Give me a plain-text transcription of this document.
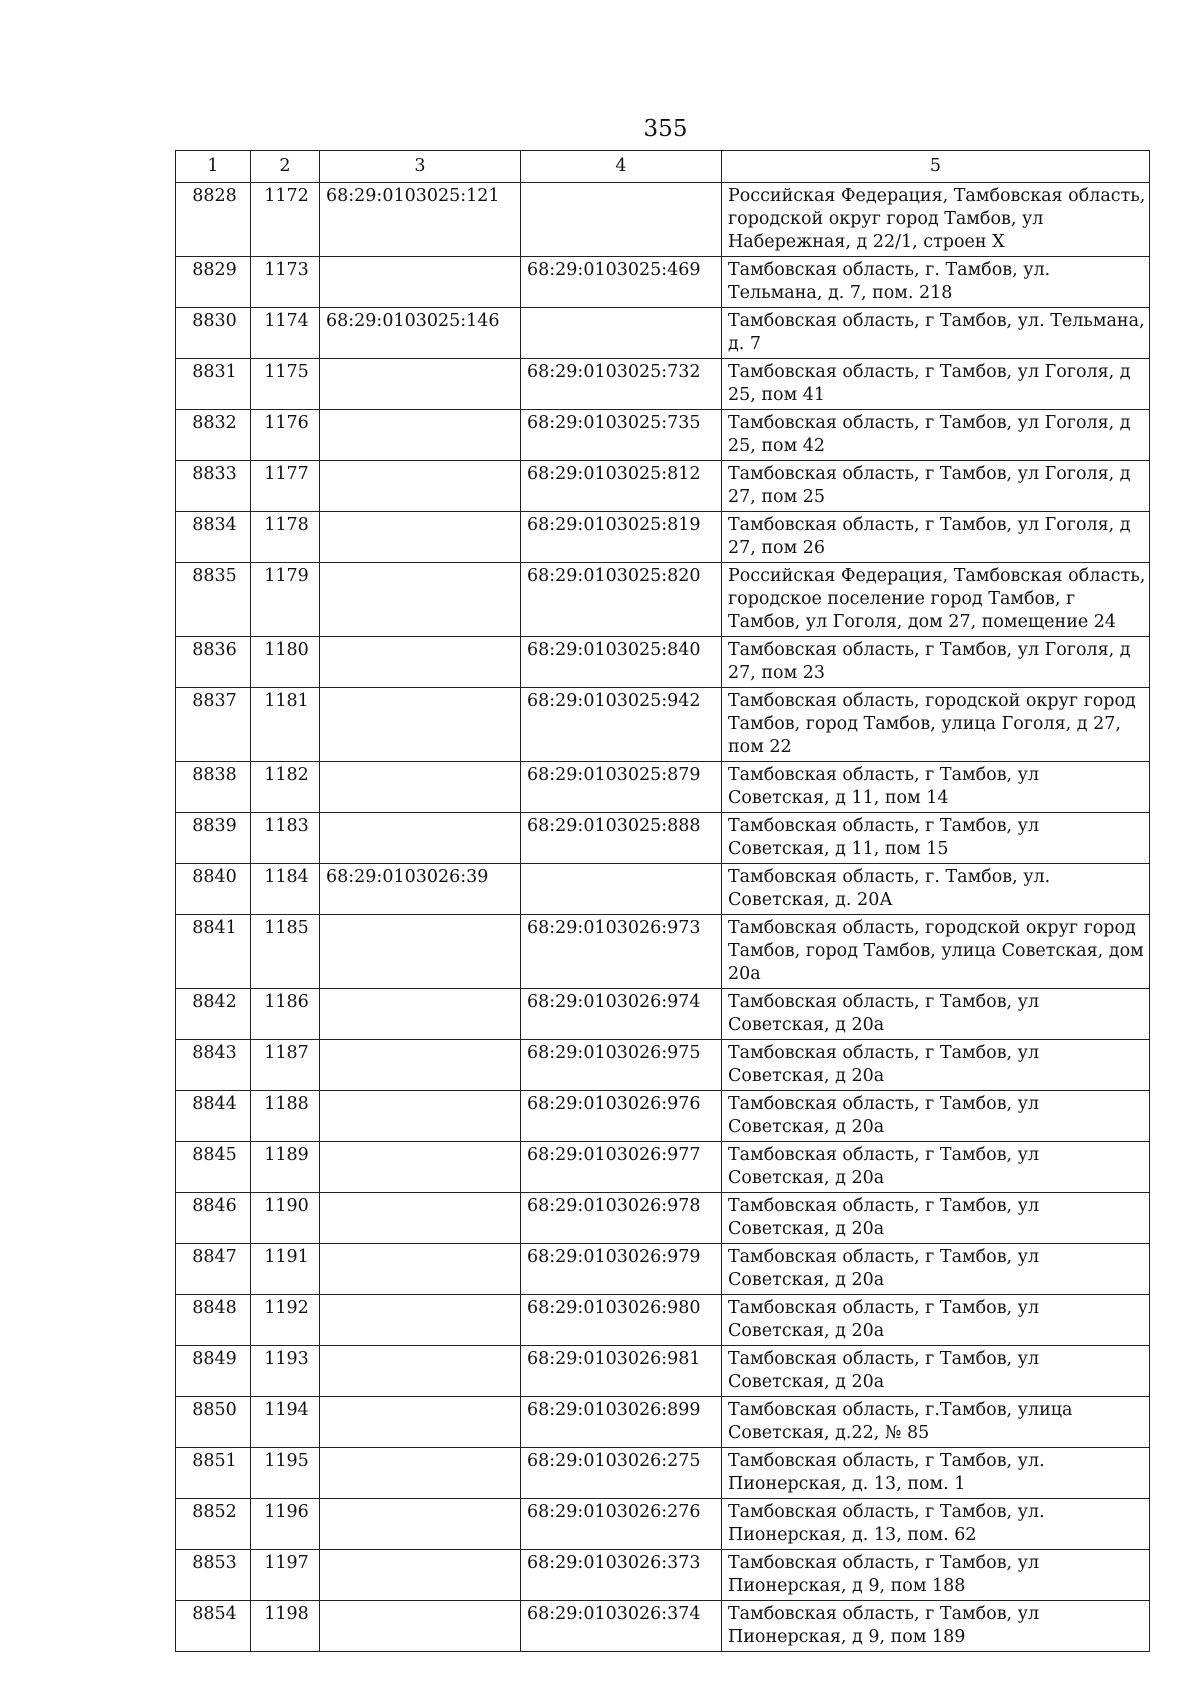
355
1	2	3	4	5
8828	1172	68:29:0103025:121		Российская Федерация, Тамбовская область, городской округ город Тамбов, ул Набережная, д 22/1, строен Х
8829	1173		68:29:0103025:469	Тамбовская область, г. Тамбов, ул. Тельмана, д. 7, пом. 218
8830	1174	68:29:0103025:146		Тамбовская область, г Тамбов, ул. Тельмана, д. 7
8831	1175		68:29:0103025:732	Тамбовская область, г Тамбов, ул Гоголя, д 25, пом 41
8832	1176		68:29:0103025:735	Тамбовская область, г Тамбов, ул Гоголя, д 25, пом 42
8833	1177		68:29:0103025:812	Тамбовская область, г Тамбов, ул Гоголя, д 27, пом 25
8834	1178		68:29:0103025:819	Тамбовская область, г Тамбов, ул Гоголя, д 27, пом 26
8835	1179		68:29:0103025:820	Российская Федерация, Тамбовская область, городское поселение город Тамбов, г Тамбов, ул Гоголя, дом 27, помещение 24
8836	1180		68:29:0103025:840	Тамбовская область, г Тамбов, ул Гоголя, д 27, пом 23
8837	1181		68:29:0103025:942	Тамбовская область, городской округ город Тамбов, город Тамбов, улица Гоголя, д 27, пом 22
8838	1182		68:29:0103025:879	Тамбовская область, г Тамбов, ул Советская, д 11, пом 14
8839	1183		68:29:0103025:888	Тамбовская область, г Тамбов, ул Советская, д 11, пом 15
8840	1184	68:29:0103026:39		Тамбовская область, г. Тамбов, ул. Советская, д. 20А
8841	1185		68:29:0103026:973	Тамбовская область, городской округ город Тамбов, город Тамбов, улица Советская, дом 20а
8842	1186		68:29:0103026:974	Тамбовская область, г Тамбов, ул Советская, д 20а
8843	1187		68:29:0103026:975	Тамбовская область, г Тамбов, ул Советская, д 20а
8844	1188		68:29:0103026:976	Тамбовская область, г Тамбов, ул Советская, д 20а
8845	1189		68:29:0103026:977	Тамбовская область, г Тамбов, ул Советская, д 20а
8846	1190		68:29:0103026:978	Тамбовская область, г Тамбов, ул Советская, д 20а
8847	1191		68:29:0103026:979	Тамбовская область, г Тамбов, ул Советская, д 20а
8848	1192		68:29:0103026:980	Тамбовская область, г Тамбов, ул Советская, д 20а
8849	1193		68:29:0103026:981	Тамбовская область, г Тамбов, ул Советская, д 20а
8850	1194		68:29:0103026:899	Тамбовская область, г.Тамбов, улица Советская, д.22, № 85
8851	1195		68:29:0103026:275	Тамбовская область, г Тамбов, ул. Пионерская, д. 13, пом. 1
8852	1196		68:29:0103026:276	Тамбовская область, г Тамбов, ул. Пионерская, д. 13, пом. 62
8853	1197		68:29:0103026:373	Тамбовская область, г Тамбов, ул Пионерская, д 9, пом 188
8854	1198		68:29:0103026:374	Тамбовская область, г Тамбов, ул Пионерская, д 9, пом 189
